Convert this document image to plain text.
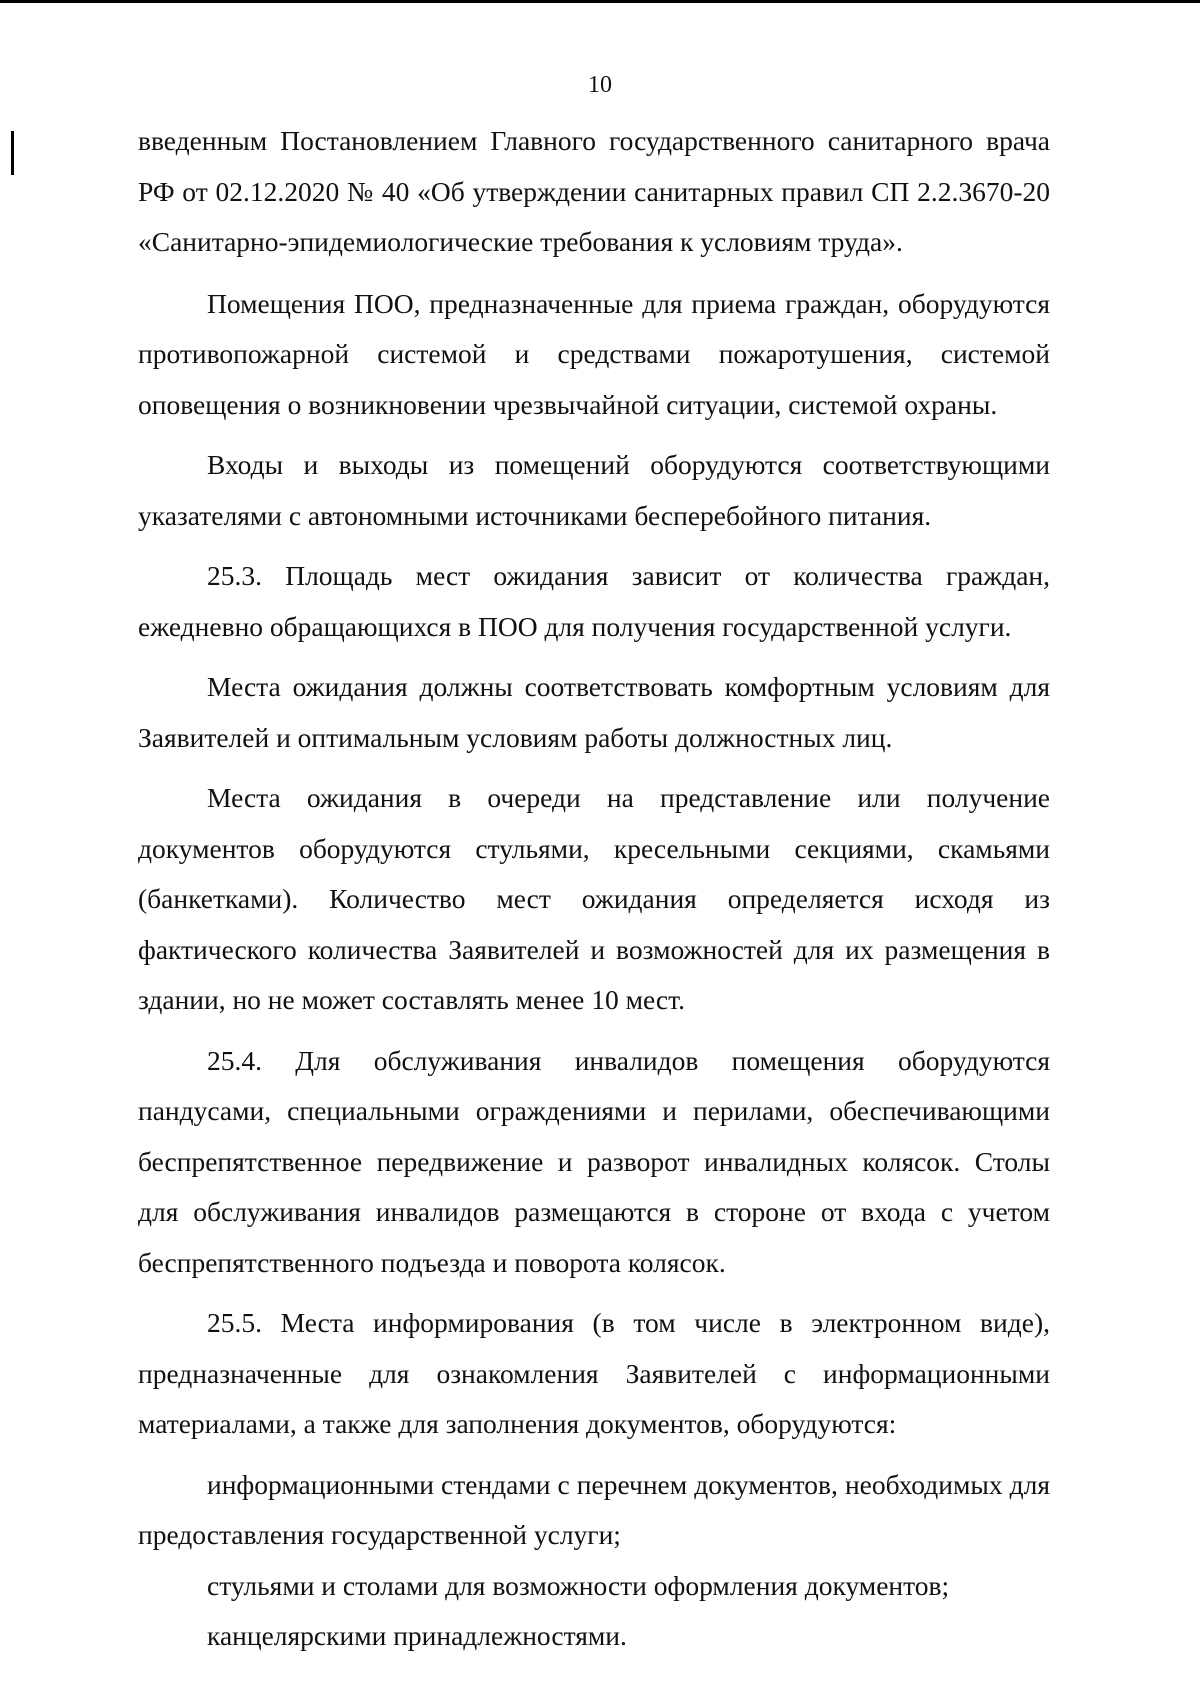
10

введенным Постановлением Главного государственного санитарного врача РФ от 02.12.2020 № 40 «Об утверждении санитарных правил СП 2.2.3670-20 «Санитарно-эпидемиологические требования к условиям труда».

Помещения ПОО, предназначенные для приема граждан, оборудуются противопожарной системой и средствами пожаротушения, системой оповещения о возникновении чрезвычайной ситуации, системой охраны.

Входы и выходы из помещений оборудуются соответствующими указателями с автономными источниками бесперебойного питания.

25.3. Площадь мест ожидания зависит от количества граждан, ежедневно обращающихся в ПОО для получения государственной услуги.

Места ожидания должны соответствовать комфортным условиям для Заявителей и оптимальным условиям работы должностных лиц.

Места ожидания в очереди на представление или получение документов оборудуются стульями, кресельными секциями, скамьями (банкетками). Количество мест ожидания определяется исходя из фактического количества Заявителей и возможностей для их размещения в здании, но не может составлять менее 10 мест.

25.4. Для обслуживания инвалидов помещения оборудуются пандусами, специальными ограждениями и перилами, обеспечивающими беспрепятственное передвижение и разворот инвалидных колясок. Столы для обслуживания инвалидов размещаются в стороне от входа с учетом беспрепятственного подъезда и поворота колясок.

25.5. Места информирования (в том числе в электронном виде), предназначенные для ознакомления Заявителей с информационными материалами, а также для заполнения документов, оборудуются:

информационными стендами с перечнем документов, необходимых для предоставления государственной услуги;

стульями и столами для возможности оформления документов;

канцелярскими принадлежностями.
